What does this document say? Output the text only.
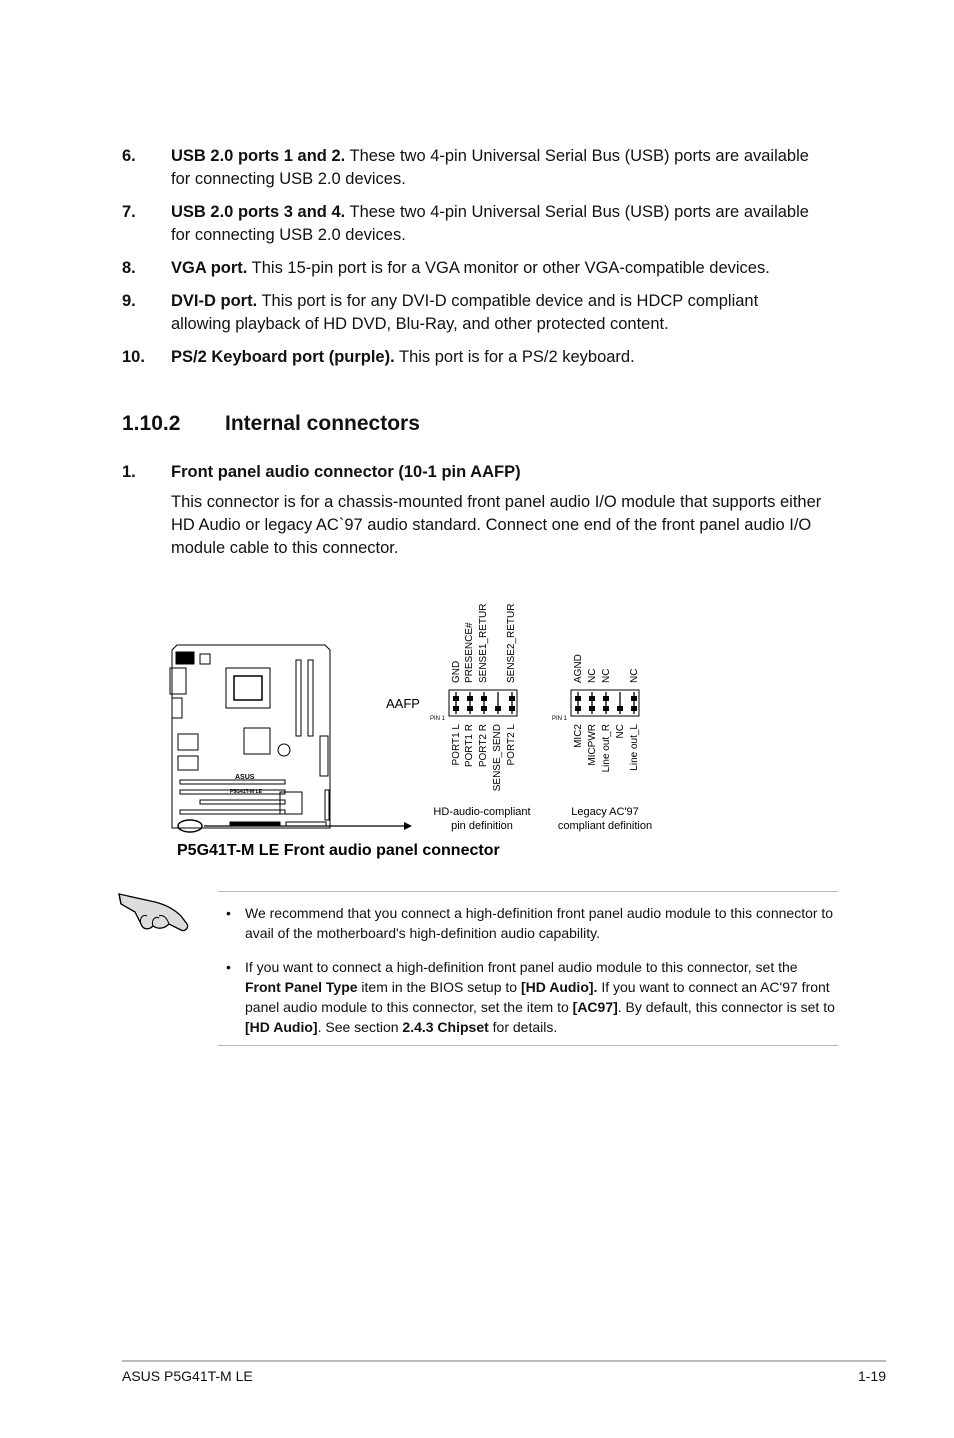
6. USB 2.0 ports 1 and 2. These two 4-pin Universal Serial Bus (USB) ports are available for connecting USB 2.0 devices.
7. USB 2.0 ports 3 and 4. These two 4-pin Universal Serial Bus (USB) ports are available for connecting USB 2.0 devices.
8. VGA port. This 15-pin port is for a VGA monitor or other VGA-compatible devices.
9. DVI-D port. This port is for any DVI-D compatible device and is HDCP compliant allowing playback of HD DVD, Blu-Ray, and other protected content.
10. PS/2 Keyboard port (purple). This port is for a PS/2 keyboard.
1.10.2 Internal connectors
1. Front panel audio connector (10-1 pin AAFP)
This connector is for a chassis-mounted front panel audio I/O module that supports either HD Audio or legacy AC`97 audio standard. Connect one end of the front panel audio I/O module cable to this connector.
ASUS
P5G41T-M LE
AAFP
GND PRESENCE# SENSE1_RETUR SENSE2_RETUR
PIN 1
PORT1 L PORT1 R PORT2 R SENSE_SEND PORT2 L
HD-audio-compliant
pin definition
AGND NC NC NC
PIN 1
MIC2 MICPWR Line out_R NC Line out_L
Legacy AC'97
compliant definition
P5G41T-M LE Front audio panel connector
• We recommend that you connect a high-definition front panel audio module to this connector to avail of the motherboard's high-definition audio capability.
• If you want to connect a high-definition front panel audio module to this connector, set the Front Panel Type item in the BIOS setup to [HD Audio]. If you want to connect an AC'97 front panel audio module to this connector, set the item to [AC97]. By default, this connector is set to [HD Audio]. See section 2.4.3 Chipset for details.
ASUS P5G41T-M LE	1-19
